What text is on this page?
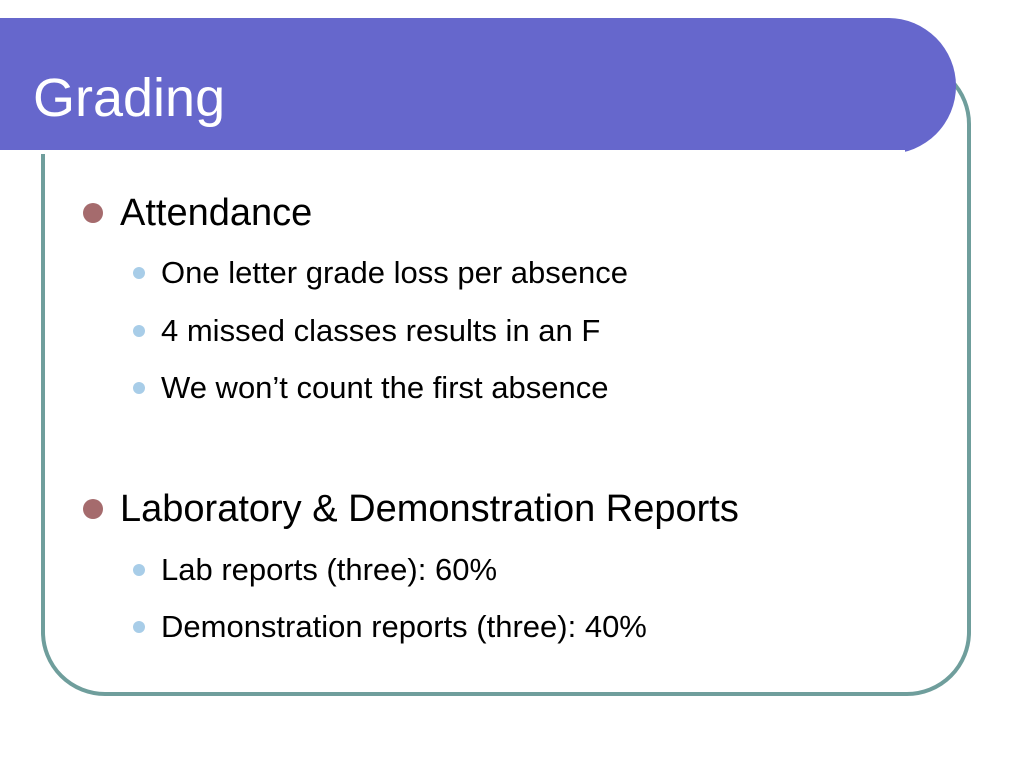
Grading
Attendance
One letter grade loss per absence
4 missed classes results in an F
We won’t count the first absence
Laboratory & Demonstration Reports
Lab reports (three): 60%
Demonstration reports (three): 40%
